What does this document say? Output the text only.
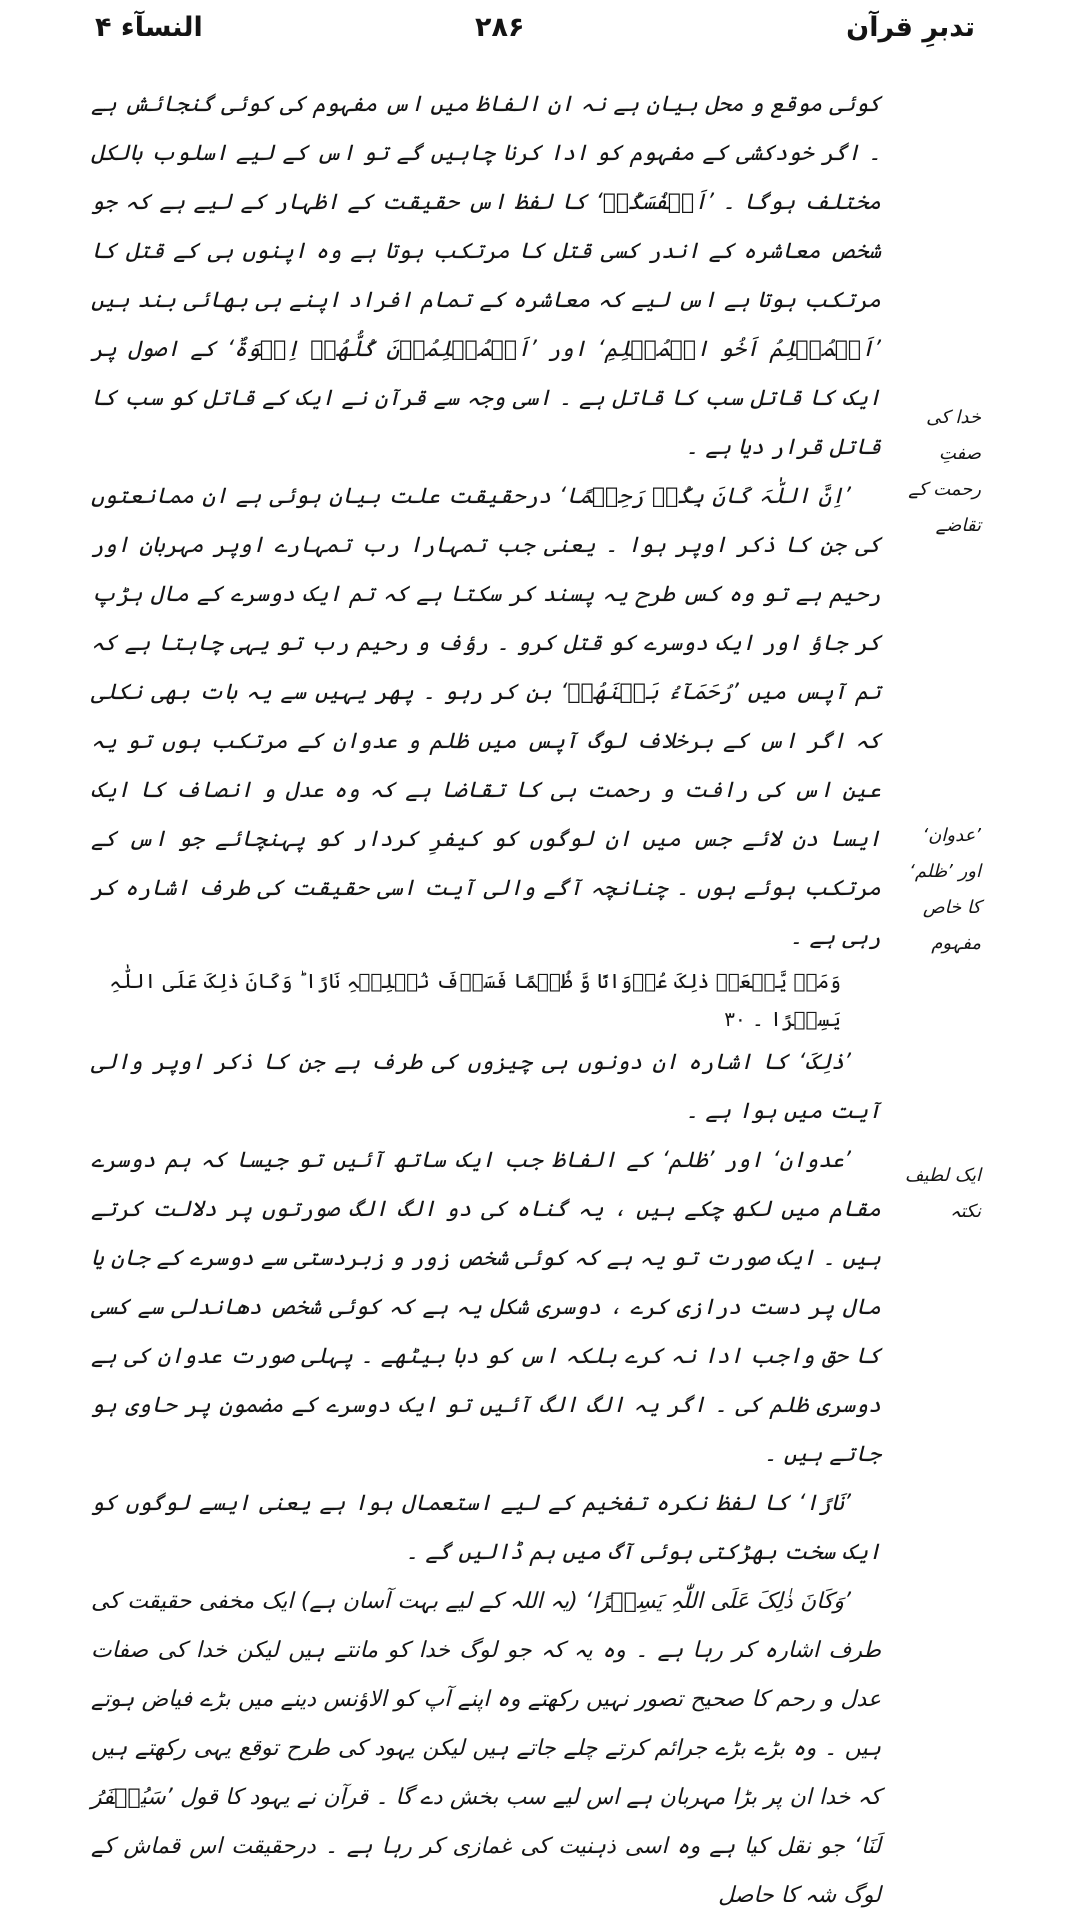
تدبرِ قرآن
۲۸۶
النسآء ۴
خدا کی صفتِ رحمت کے تقاضے
’عدوان‘ اور ’ظلم‘ کا خاص مفہوم
ایک لطیف نکتہ

کوئی موقع و محل بیان ہے نہ ان الفاظ میں اس مفہوم کی کوئی گنجائش ہے ۔ اگر خودکشی کے مفہوم کو ادا کرنا چاہیں گے تو اس کے لیے اسلوب بالکل مختلف ہوگا ۔ ’اَنۡفُسَکُمۡ‘ کا لفظ اس حقیقت کے اظہار کے لیے ہے کہ جو شخص معاشرہ کے اندر کسی قتل کا مرتکب ہوتا ہے وہ اپنوں ہی کے قتل کا مرتکب ہوتا ہے اس لیے کہ معاشرہ کے تمام افراد اپنے ہی بھائی بند ہیں ’اَلۡمُسۡلِمُ اَخُو الۡمُسۡلِمِ‘ اور ’اَلۡمُسۡلِمُوۡنَ کُلُّھُمۡ اِخۡوَۃٌ‘ کے اصول پر ایک کا قاتل سب کا قاتل ہے ۔ اسی وجہ سے قرآن نے ایک کے قاتل کو سب کا قاتل قرار دیا ہے ۔

’اِنَّ اللّٰہَ کَانَ بِکُمۡ رَحِیۡمًا‘ درحقیقت علت بیان ہوئی ہے ان ممانعتوں کی جن کا ذکر اوپر ہوا ۔ یعنی جب تمہارا رب تمہارے اوپر مہربان اور رحیم ہے تو وہ کس طرح یہ پسند کر سکتا ہے کہ تم ایک دوسرے کے مال ہڑپ کر جاؤ اور ایک دوسرے کو قتل کرو ۔ رؤف و رحیم رب تو یہی چاہتا ہے کہ تم آپس میں ’رُحَمَآءُ بَیۡنَھُمۡ‘ بن کر رہو ۔ پھر یہیں سے یہ بات بھی نکلی کہ اگر اس کے برخلاف لوگ آپس میں ظلم و عدوان کے مرتکب ہوں تو یہ عین اس کی رافت و رحمت ہی کا تقاضا ہے کہ وہ عدل و انصاف کا ایک ایسا دن لائے جس میں ان لوگوں کو کیفرِ کردار کو پہنچائے جو اس کے مرتکب ہوئے ہوں ۔ چنانچہ آگے والی آیت اسی حقیقت کی طرف اشارہ کر رہی ہے ۔

وَمَنۡ یَّفۡعَلۡ ذٰلِکَ عُدۡوَانًا وَّ ظُلۡمًا فَسَوۡفَ نُصۡلِیۡہِ نَارًا ؕ وَکَانَ ذٰلِکَ عَلَی اللّٰہِ یَسِیۡرًا ۔ ۳۰

’ذٰلِکَ‘ کا اشارہ ان دونوں ہی چیزوں کی طرف ہے جن کا ذکر اوپر والی آیت میں ہوا ہے ۔

’عدوان‘ اور ’ظلم‘ کے الفاظ جب ایک ساتھ آئیں تو جیسا کہ ہم دوسرے مقام میں لکھ چکے ہیں ، یہ گناہ کی دو الگ الگ صورتوں پر دلالت کرتے ہیں ۔ ایک صورت تو یہ ہے کہ کوئی شخص زور و زبردستی سے دوسرے کے جان یا مال پر دست درازی کرے ، دوسری شکل یہ ہے کہ کوئی شخص دھاندلی سے کسی کا حق واجب ادا نہ کرے بلکہ اس کو دبا بیٹھے ۔ پہلی صورت عدوان کی ہے دوسری ظلم کی ۔ اگر یہ الگ الگ آئیں تو ایک دوسرے کے مضمون پر حاوی ہو جاتے ہیں ۔

’نَارًا‘ کا لفظ نکرہ تفخیم کے لیے استعمال ہوا ہے یعنی ایسے لوگوں کو ایک سخت بھڑکتی ہوئی آگ میں ہم ڈالیں گے ۔

’وَکَانَ ذٰلِکَ عَلَی اللّٰہِ یَسِیۡرًا‘ (یہ اللہ کے لیے بہت آسان ہے) ایک مخفی حقیقت کی طرف اشارہ کر رہا ہے ۔ وہ یہ کہ جو لوگ خدا کو مانتے ہیں لیکن خدا کی صفات عدل و رحم کا صحیح تصور نہیں رکھتے وہ اپنے آپ کو الاؤنس دینے میں بڑے فیاض ہوتے ہیں ۔ وہ بڑے بڑے جرائم کرتے چلے جاتے ہیں لیکن یہود کی طرح توقع یہی رکھتے ہیں کہ خدا ان پر بڑا مہربان ہے اس لیے سب بخش دے گا ۔ قرآن نے یہود کا قول ’سَیُغۡفَرُ لَنَا‘ جو نقل کیا ہے وہ اسی ذہنیت کی غمازی کر رہا ہے ۔ درحقیقت اس قماش کے لوگ شہ کا حاصل
